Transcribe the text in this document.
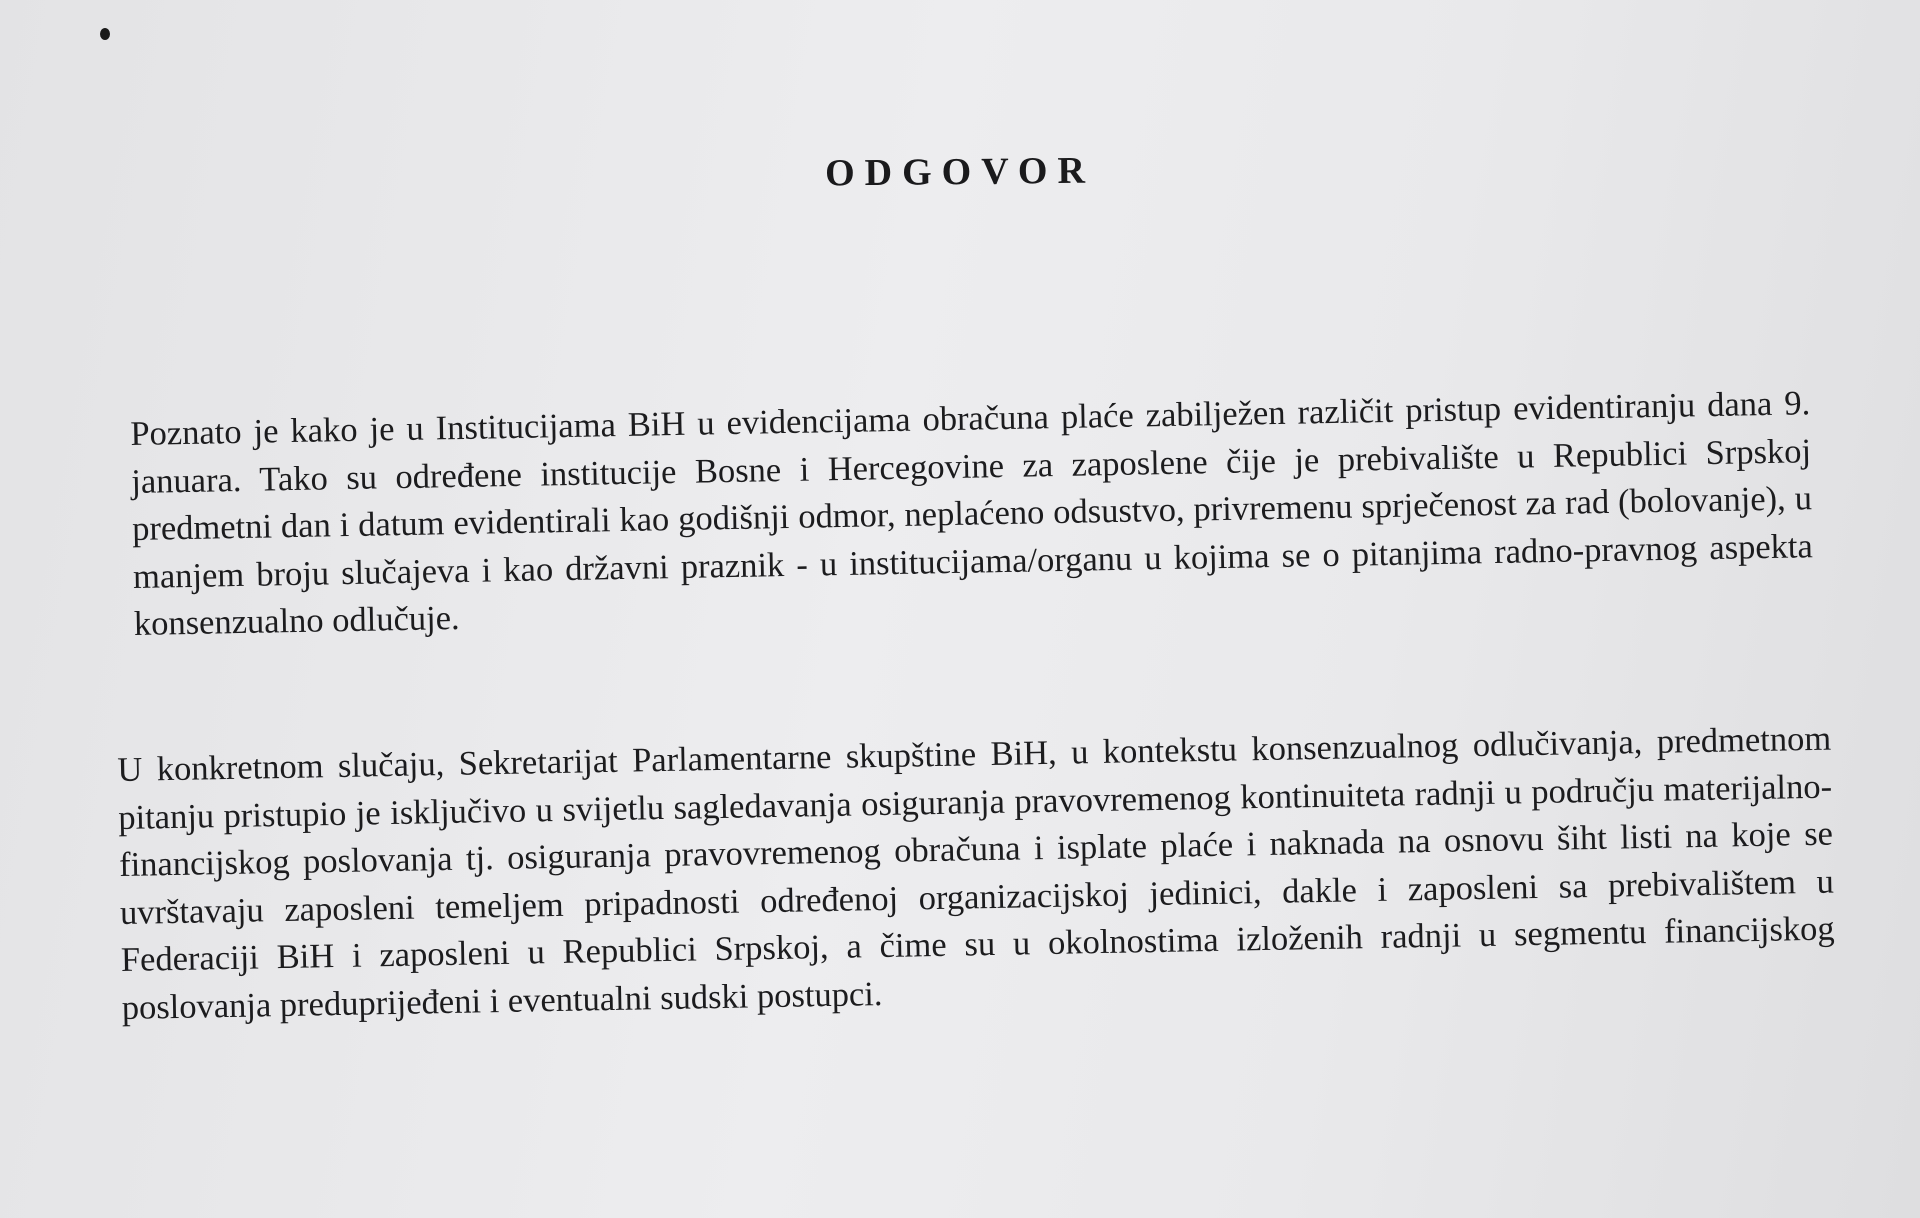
ODGOVOR

Poznato je kako je u Institucijama BiH u evidencijama obračuna plaće zabilježen različit pristup evidentiranju dana 9. januara. Tako su određene institucije Bosne i Hercegovine za zaposlene čije je prebivalište u Republici Srpskoj predmetni dan i datum evidentirali kao godišnji odmor, neplaćeno odsustvo, privremenu sprječenost za rad (bolovanje), u manjem broju slučajeva i kao državni praznik - u institucijama/organu u kojima se o pitanjima radno-pravnog aspekta konsenzualno odlučuje.

U konkretnom slučaju, Sekretarijat Parlamentarne skupštine BiH, u kontekstu konsenzualnog odlučivanja, predmetnom pitanju pristupio je isključivo u svijetlu sagledavanja osiguranja pravovremenog kontinuiteta radnji u području materijalno-financijskog poslovanja tj. osiguranja pravovremenog obračuna i isplate plaće i naknada na osnovu šiht listi na koje se uvrštavaju zaposleni temeljem pripadnosti određenoj organizacijskoj jedinici, dakle i zaposleni sa prebivalištem u Federaciji BiH i zaposleni u Republici Srpskoj, a čime su u okolnostima izloženih radnji u segmentu financijskog poslovanja preduprijeđeni i eventualni sudski postupci.
